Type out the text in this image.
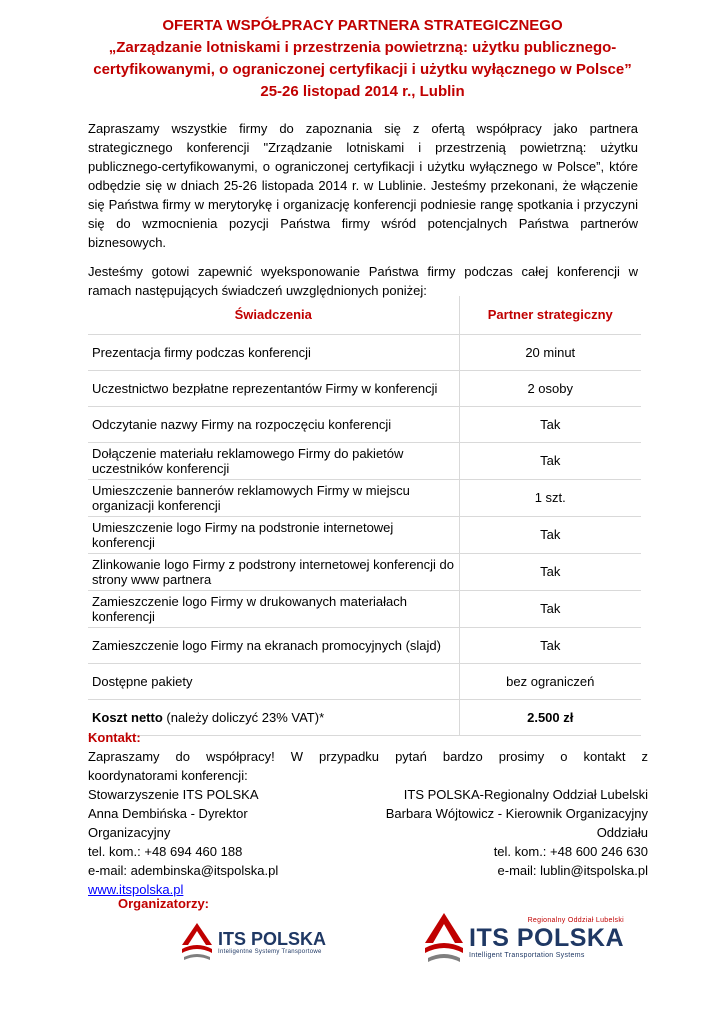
OFERTA WSPÓŁPRACY PARTNERA STRATEGICZNEGO
„Zarządzanie lotniskami i przestrzenia powietrzną: użytku publicznego-
certyfikowanymi, o ograniczonej certyfikacji i użytku wyłącznego w Polsce”
25-26 listopad 2014 r., Lublin

Zapraszamy wszystkie firmy do zapoznania się z ofertą współpracy jako partnera strategicznego konferencji "Zrządzanie lotniskami i przestrzenią powietrzną: użytku publicznego-certyfikowanymi, o ograniczonej certyfikacji i użytku wyłącznego w Polsce”, które odbędzie się w dniach 25-26 listopada 2014 r. w Lublinie. Jesteśmy przekonani, że włączenie się Państwa firmy w merytorykę i organizację konferencji podniesie rangę spotkania i przyczyni się do wzmocnienia pozycji Państwa firmy wśród potencjalnych Państwa partnerów biznesowych.

Jesteśmy gotowi zapewnić wyeksponowanie Państwa firmy podczas całej konferencji w ramach następujących świadczeń uwzględnionych poniżej:

Świadczenia	Partner strategiczny
Prezentacja firmy podczas konferencji	20 minut
Uczestnictwo bezpłatne reprezentantów Firmy w konferencji	2 osoby
Odczytanie nazwy Firmy na rozpoczęciu konferencji	Tak
Dołączenie materiału reklamowego Firmy do pakietów uczestników konferencji	Tak
Umieszczenie bannerów reklamowych Firmy w miejscu organizacji konferencji	1 szt.
Umieszczenie logo Firmy na podstronie internetowej konferencji	Tak
Zlinkowanie logo Firmy z podstrony internetowej konferencji do strony www partnera	Tak
Zamieszczenie logo Firmy w drukowanych materiałach konferencji	Tak
Zamieszczenie logo Firmy na ekranach promocyjnych (slajd)	Tak
Dostępne pakiety	bez ograniczeń
Koszt netto (należy doliczyć 23% VAT)*	2.500 zł
Kontakt:
Zapraszamy do współpracy! W przypadku pytań bardzo prosimy o kontakt z
koordynatorami konferencji:
Stowarzyszenie ITS POLSKA
Anna Dembińska - Dyrektor
Organizacyjny
tel. kom.: +48 694 460 188
e-mail: adembinska@itspolska.pl
www.itspolska.pl
ITS POLSKA-Regionalny Oddział Lubelski
Barbara Wójtowicz - Kierownik Organizacyjny
Oddziału
tel. kom.: +48 600 246 630
e-mail: lublin@itspolska.pl
Organizatorzy:
ITS POLSKA
Inteligentne Systemy Transportowe
Regionalny Oddział Lubelski
ITS POLSKA
Intelligent Transportation Systems
